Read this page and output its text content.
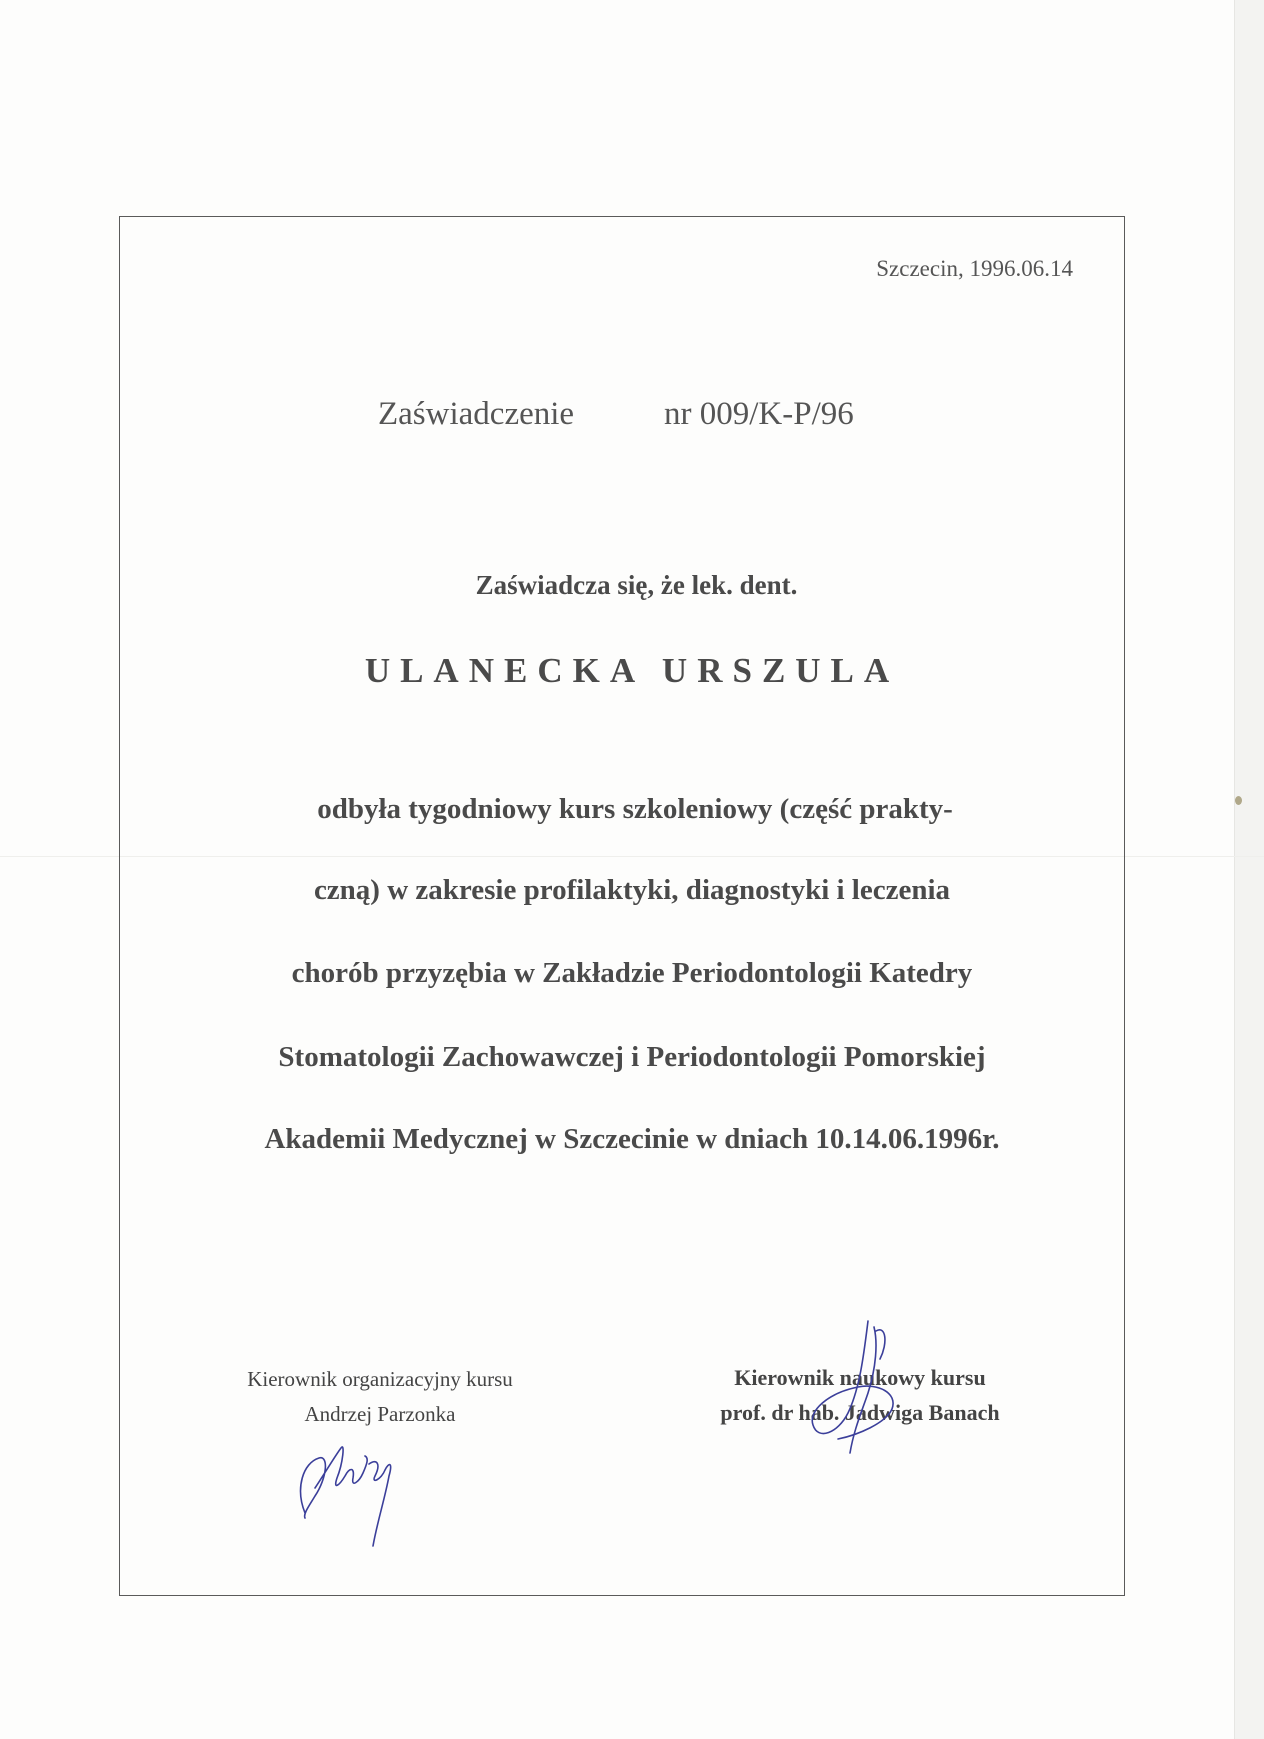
Szczecin, 1996.06.14
Zaświadczenie	nr 009/K-P/96
Zaświadcza się, że lek. dent.
ULANECKA URSZULA
odbyła tygodniowy kurs szkoleniowy (część prakty-
czną) w zakresie profilaktyki, diagnostyki i leczenia
chorób przyzębia w Zakładzie Periodontologii Katedry
Stomatologii Zachowawczej i Periodontologii Pomorskiej
Akademii Medycznej w Szczecinie w dniach 10.14.06.1996r.
Kierownik organizacyjny kursu
Andrzej Parzonka
Kierownik naukowy kursu
prof. dr hab. Jadwiga Banach
